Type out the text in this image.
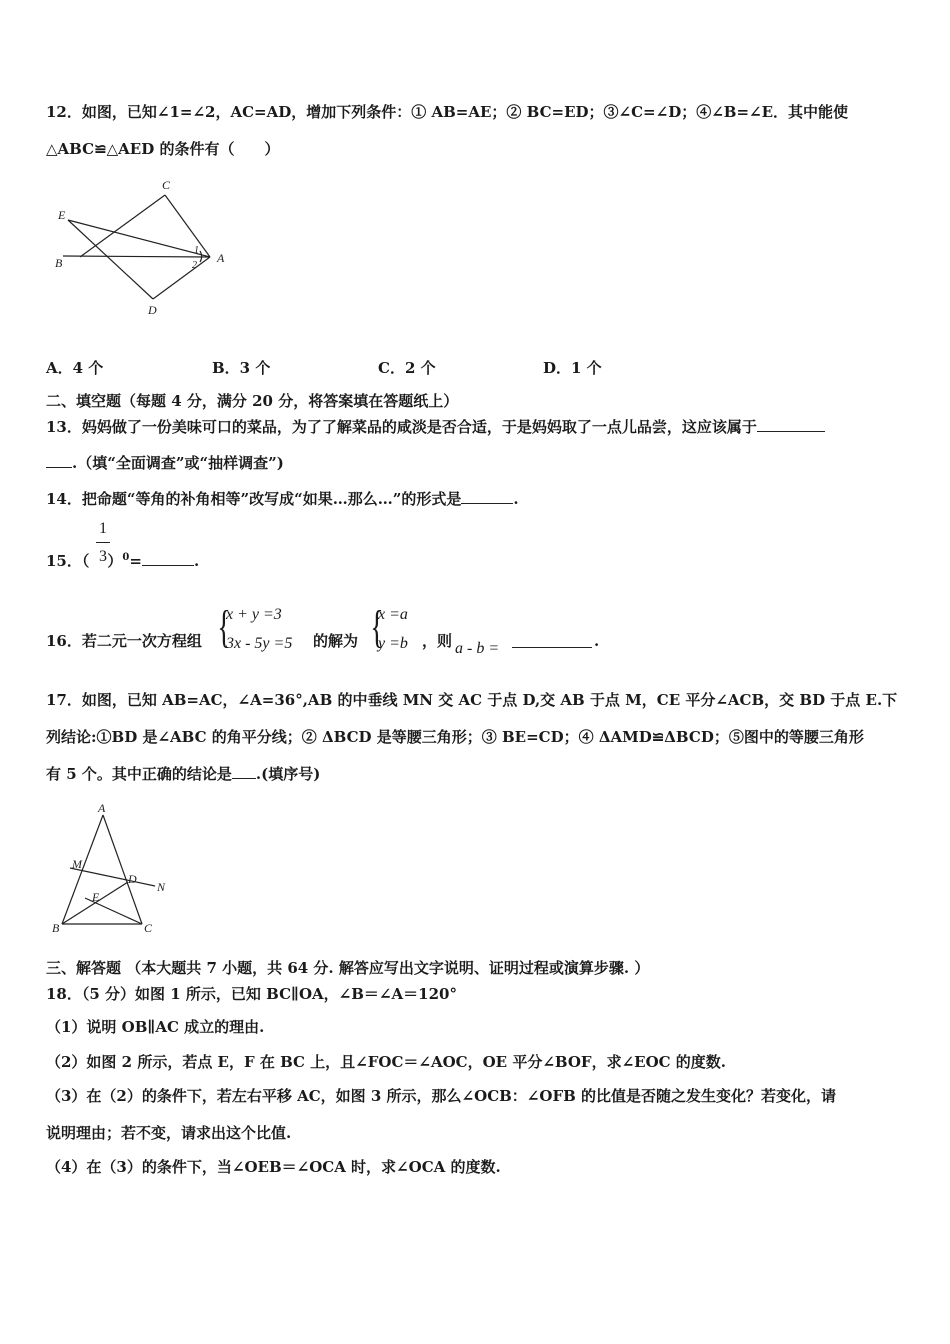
12．如图，已知∠1=∠2，AC=AD，增加下列条件：① AB=AE；② BC=ED；③∠C=∠D；④∠B=∠E．其中能使
△ABC≌△AED 的条件有（　　）
C
E
B	A
D
1
2
A．4 个	B．3 个	C．2 个	D．1 个
二、填空题（每题 4 分，满分 20 分，将答案填在答题纸上）
13．妈妈做了一份美味可口的菜品，为了了解菜品的咸淡是否合适，于是妈妈取了一点儿品尝，这应该属于
.（填“全面调查”或“抽样调查”)
14．把命题“等角的补角相等”改写成“如果…那么…”的形式是	.
15．（ ）$^0$=	.
1
3
16．若二元一次方程组 {
x + y =3
3x - 5y =5 的解为 {
x =a
y =b ，则 a - b =	.
17．如图，已知 AB=AC，∠A=36°,AB 的中垂线 MN 交 AC 于点 D,交 AB 于点 M，CE 平分∠ACB，交 BD 于点 E.下
列结论:①BD 是∠ABC 的角平分线；② ΔBCD 是等腰三角形；③ BE=CD；④ ΔAMD≌ΔBCD；⑤图中的等腰三角形
有 5 个。其中正确的结论是 .(填序号)
A
M
D
N
E
B	C
三、解答题 （本大题共 7 小题，共 64 分. 解答应写出文字说明、证明过程或演算步骤. ）
18．（5 分）如图 1 所示，已知 BC∥OA，∠B＝∠A＝120°
（1）说明 OB∥AC 成立的理由.
（2）如图 2 所示，若点 E，F 在 BC 上，且∠FOC＝∠AOC，OE 平分∠BOF，求∠EOC 的度数.
（3）在（2）的条件下，若左右平移 AC，如图 3 所示，那么∠OCB：∠OFB 的比值是否随之发生变化？若变化，请
说明理由；若不变，请求出这个比值.
（4）在（3）的条件下，当∠OEB＝∠OCA 时，求∠OCA 的度数.
